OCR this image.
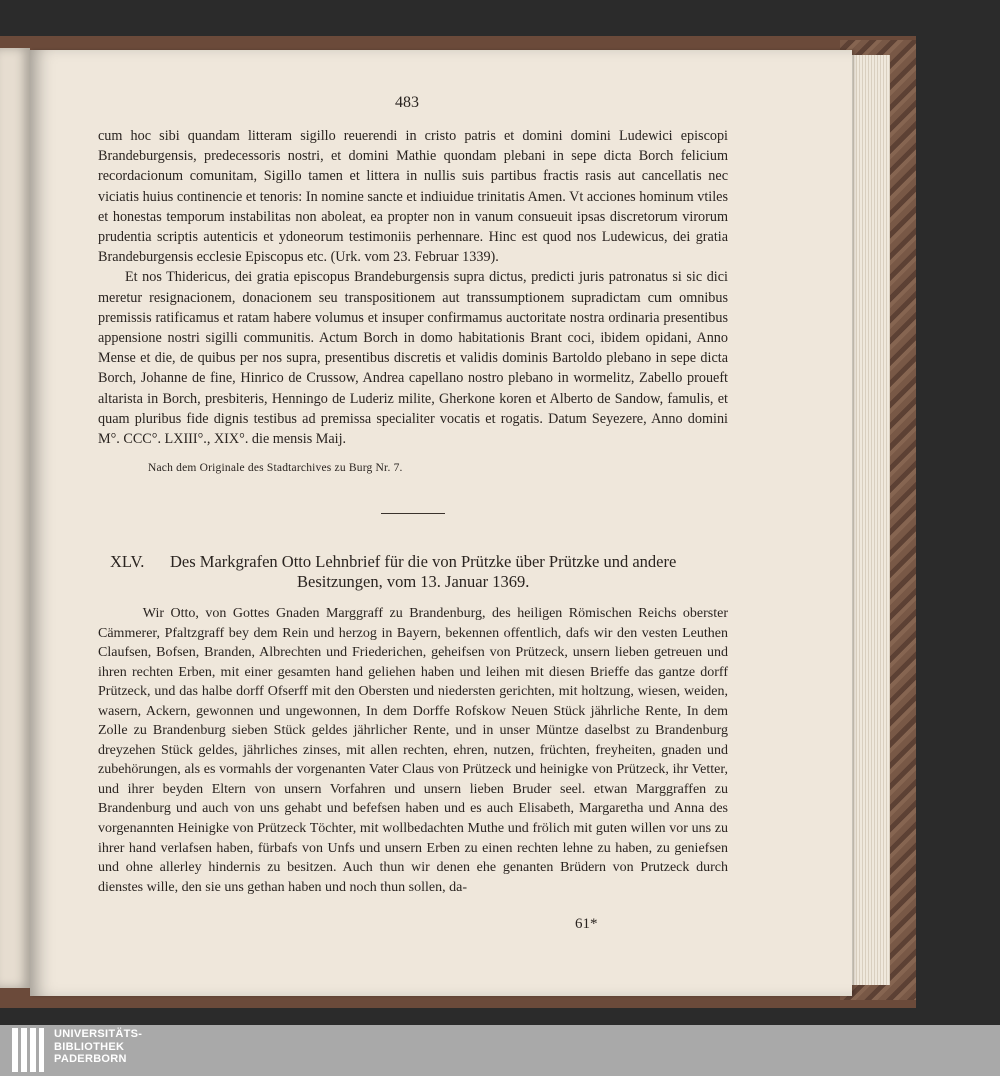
483

cum hoc sibi quandam litteram sigillo reuerendi in cristo patris et domini domini Ludewici episcopi Brandeburgensis, predecessoris nostri, et domini Mathie quondam plebani in sepe dicta Borch felicium recordacionum comunitam, Sigillo tamen et littera in nullis suis partibus fractis rasis aut cancellatis nec viciatis huius continencie et tenoris: In nomine sancte et indiuidue trinitatis Amen. Vt acciones hominum vtiles et honestas temporum instabilitas non aboleat, ea propter non in vanum consueuit ipsas discretorum virorum prudentia scriptis autenticis et ydoneorum testimoniis perhennare. Hinc est quod nos Ludewicus, dei gratia Brandeburgensis ecclesie Episcopus etc. (Urk. vom 23. Februar 1339).

Et nos Thidericus, dei gratia episcopus Brandeburgensis supra dictus, predicti juris patronatus si sic dici meretur resignacionem, donacionem seu transpositionem aut transsumptionem supradictam cum omnibus premissis ratificamus et ratam habere volumus et insuper confirmamus auctoritate nostra ordinaria presentibus appensione nostri sigilli communitis. Actum Borch in domo habitationis Brant coci, ibidem opidani, Anno Mense et die, de quibus per nos supra, presentibus discretis et validis dominis Bartoldo plebano in sepe dicta Borch, Johanne de fine, Hinrico de Crussow, Andrea capellano nostro plebano in wormelitz, Zabello proueft altarista in Borch, presbiteris, Henningo de Luderiz milite, Gherkone koren et Alberto de Sandow, famulis, et quam pluribus fide dignis testibus ad premissa specialiter vocatis et rogatis. Datum Seyezere, Anno domini M°. CCC°. LXIII°., XIX°. die mensis Maij.

Nach dem Originale des Stadtarchives zu Burg Nr. 7.
XLV. Des Markgrafen Otto Lehnbrief für die von Prützke über Prützke und andere
Besitzungen, vom 13. Januar 1369.

Wir Otto, von Gottes Gnaden Marggraff zu Brandenburg, des heiligen Römischen Reichs oberster Cämmerer, Pfaltzgraff bey dem Rein und herzog in Bayern, bekennen offentlich, dafs wir den vesten Leuthen Claufsen, Bofsen, Branden, Albrechten und Friederichen, geheifsen von Prützeck, unsern lieben getreuen und ihren rechten Erben, mit einer gesamten hand geliehen haben und leihen mit diesen Brieffe das gantze dorff Prützeck, und das halbe dorff Ofserff mit den Obersten und niedersten gerichten, mit holtzung, wiesen, weiden, wasern, Ackern, gewonnen und ungewonnen, In dem Dorffe Rofskow Neuen Stück jährliche Rente, In dem Zolle zu Brandenburg sieben Stück geldes jährlicher Rente, und in unser Müntze daselbst zu Brandenburg dreyzehen Stück geldes, jährliches zinses, mit allen rechten, ehren, nutzen, früchten, freyheiten, gnaden und zubehörungen, als es vormahls der vorgenanten Vater Claus von Prützeck und heinigke von Prützeck, ihr Vetter, und ihrer beyden Eltern von unsern Vorfahren und unsern lieben Bruder seel. etwan Marggraffen zu Brandenburg und auch von uns gehabt und befefsen haben und es auch Elisabeth, Margaretha und Anna des vorgenannten Heinigke von Prützeck Töchter, mit wollbedachten Muthe und frölich mit guten willen vor uns zu ihrer hand verlafsen haben, fürbafs von Unfs und unsern Erben zu einen rechten lehne zu haben, zu geniefsen und ohne allerley hindernis zu besitzen. Auch thun wir denen ehe genanten Brüdern von Prutzeck durch dienstes wille, den sie uns gethan haben und noch thun sollen, da-

61*
UNIVERSITÄTS-
BIBLIOTHEK
PADERBORN
